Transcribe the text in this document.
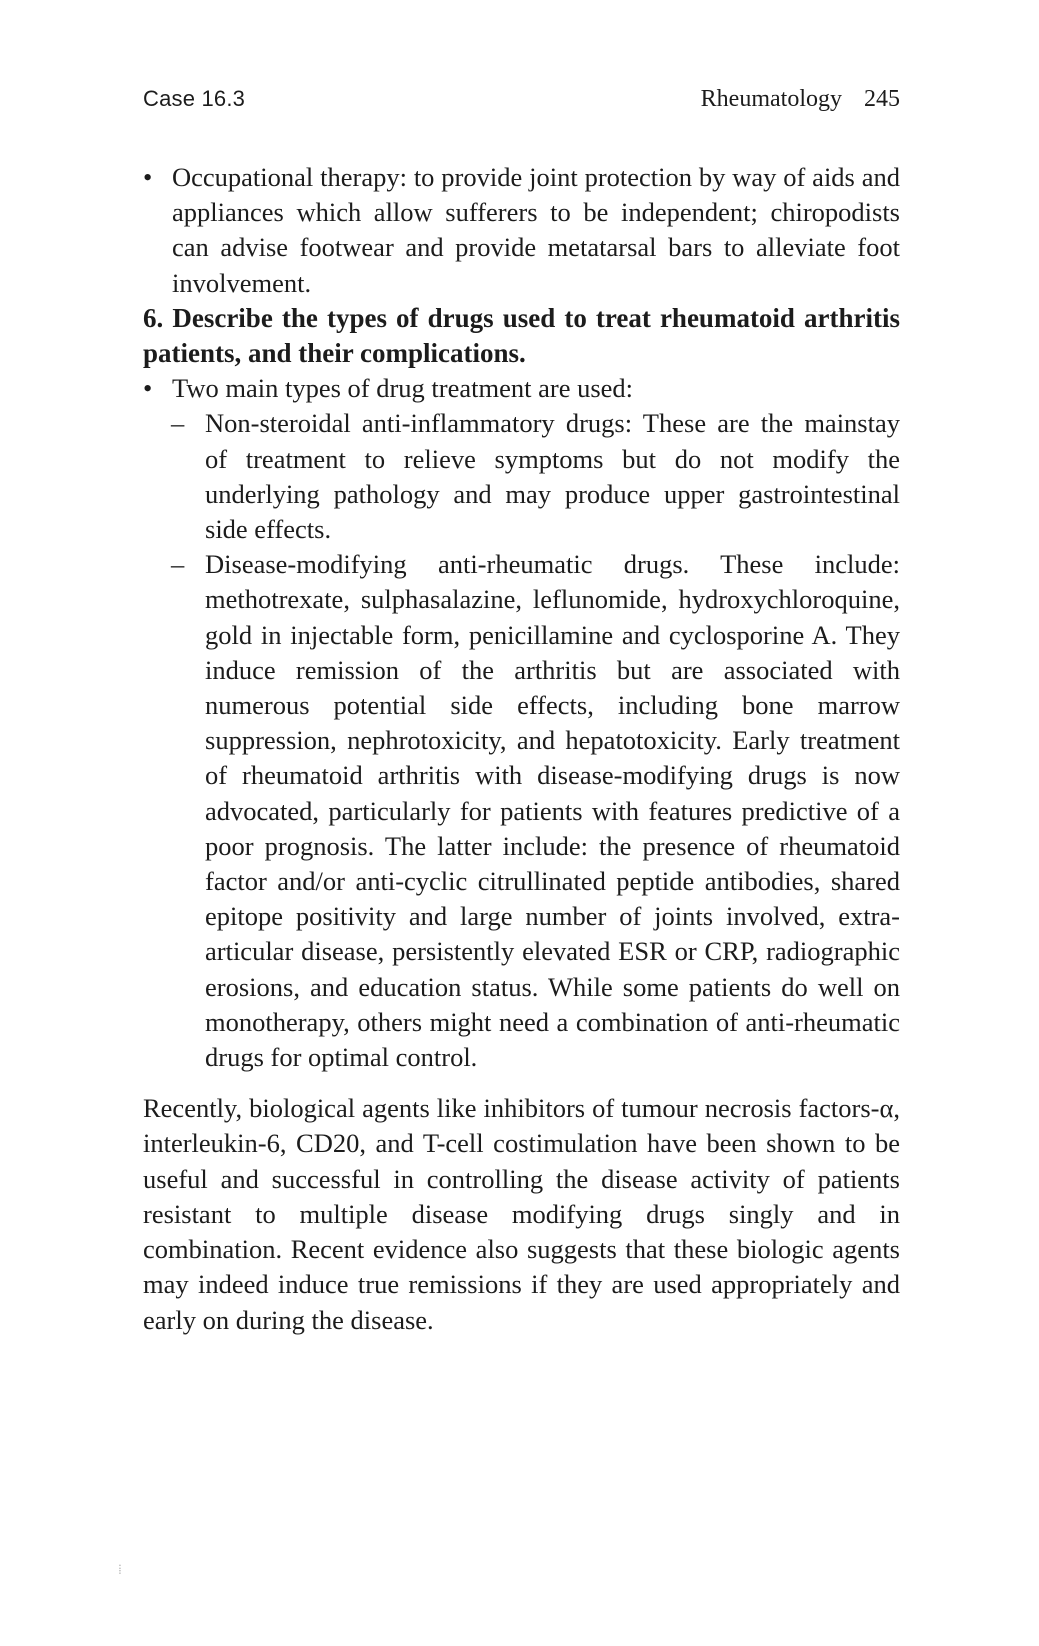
Case 16.3	Rheumatology 245
• Occupational therapy: to provide joint protection by way of aids and appliances which allow sufferers to be independent; chiropodists can advise footwear and provide metatarsal bars to alleviate foot involvement.
6. Describe the types of drugs used to treat rheumatoid arthritis patients, and their complications.
• Two main types of drug treatment are used:
– Non-steroidal anti-inflammatory drugs: These are the mainstay of treatment to relieve symptoms but do not modify the underlying pathology and may produce upper gastrointestinal side effects.
– Disease-modifying anti-rheumatic drugs. These include: methotrexate, sulphasalazine, leflunomide, hydroxychloroquine, gold in injectable form, penicillamine and cyclosporine A. They induce remission of the arthritis but are associated with numerous potential side effects, including bone marrow suppression, nephrotoxicity, and hepatotoxicity. Early treatment of rheumatoid arthritis with disease-modifying drugs is now advocated, particularly for patients with features predictive of a poor prognosis. The latter include: the presence of rheumatoid factor and/or anti-cyclic citrullinated peptide antibodies, shared epitope positivity and large number of joints involved, extra-articular disease, persistently elevated ESR or CRP, radiographic erosions, and education status. While some patients do well on monotherapy, others might need a combination of anti-rheumatic drugs for optimal control.

Recently, biological agents like inhibitors of tumour necrosis factors-α, interleukin-6, CD20, and T-cell costimulation have been shown to be useful and successful in controlling the disease activity of patients resistant to multiple disease modifying drugs singly and in combination. Recent evidence also suggests that these biologic agents may indeed induce true remissions if they are used appropriately and early on during the disease.

⁞
